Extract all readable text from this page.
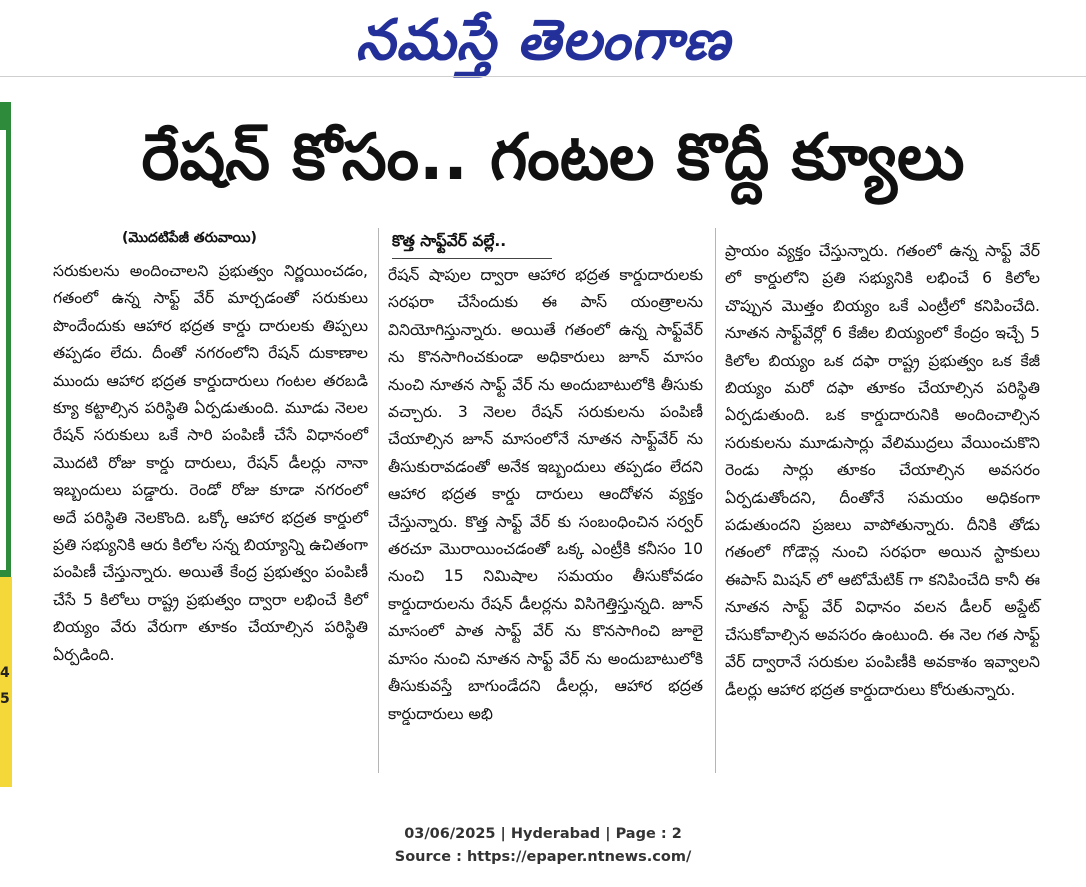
నమస్తే తెలంగాణ
4
5
రేషన్ కోసం.. గంటల కొద్దీ క్యూలు
(మొదటిపేజీ తరువాయి)	కొత్త సాఫ్ట్‌వేర్ వల్లే..

సరుకులను అందించాలని ప్రభుత్వం నిర్ణయించడం, గతంలో ఉన్న సాఫ్ట్ వేర్ మార్చడంతో సరుకులు పొందేందుకు ఆహార భద్రత కార్డు దారులకు తిప్పలు తప్పడం లేదు. దీంతో నగరంలోని రేషన్ దుకాణాల ముందు ఆహార భద్రత కార్డుదారులు గంటల తరబడి క్యూ కట్టాల్సిన పరిస్థితి ఏర్పడుతుంది. మూడు నెలల రేషన్ సరుకులు ఒకే సారి పంపిణీ చేసే విధానంలో మొదటి రోజు కార్డు దారులు, రేషన్ డీలర్లు నానా ఇబ్బందులు పడ్డారు. రెండో రోజు కూడా నగరంలో అదే పరిస్థితి నెలకొంది. ఒక్కో ఆహార భద్రత కార్డులో ప్రతి సభ్యునికి ఆరు కిలోల సన్న బియ్యాన్ని ఉచితంగా పంపిణీ చేస్తున్నారు. అయితే కేంద్ర ప్రభుత్వం పంపిణీ చేసే 5 కిలోలు రాష్ట్ర ప్రభుత్వం ద్వారా లభించే కిలో బియ్యం వేరు వేరుగా తూకం చేయాల్సిన పరిస్థితి ఏర్పడింది.

రేషన్ షాపుల ద్వారా ఆహార భద్రత కార్డుదారులకు సరఫరా చేసేందుకు ఈ పాస్ యంత్రాలను వినియోగిస్తున్నారు. అయితే గతంలో ఉన్న సాఫ్ట్‌వేర్ ను కొనసాగించకుండా అధికారులు జూన్ మాసం నుంచి నూతన సాఫ్ట్ వేర్ ను అందుబాటులోకి తీసుకు వచ్చారు. 3 నెలల రేషన్ సరుకులను పంపిణీ చేయాల్సిన జూన్ మాసంలోనే నూతన సాఫ్ట్‌వేర్ ను తీసుకురావడంతో అనేక ఇబ్బందులు తప్పడం లేదని ఆహార భద్రత కార్డు దారులు ఆందోళన వ్యక్తం చేస్తున్నారు. కొత్త సాఫ్ట్ వేర్ కు సంబంధించిన సర్వర్ తరచూ మొరాయించడంతో ఒక్క ఎంట్రీకి కనీసం 10 నుంచి 15 నిమిషాల సమయం తీసుకోవడం కార్డుదారులను రేషన్ డీలర్లను విసిగెత్తిస్తున్నది. జూన్ మాసంలో పాత సాఫ్ట్ వేర్ ను కొనసాగించి జూలై మాసం నుంచి నూతన సాఫ్ట్ వేర్ ను అందుబాటులోకి తీసుకువస్తే బాగుండేదని డీలర్లు, ఆహార భద్రత కార్డుదారులు అభి

ప్రాయం వ్యక్తం చేస్తున్నారు. గతంలో ఉన్న సాఫ్ట్ వేర్ లో కార్డులోని ప్రతి సభ్యునికి లభించే 6 కిలోల చొప్పున మొత్తం బియ్యం ఒకే ఎంట్రీలో కనిపించేది. నూతన సాఫ్ట్‌వేర్లో 6 కేజీల బియ్యంలో కేంద్రం ఇచ్చే 5 కిలోల బియ్యం ఒక దఫా రాష్ట్ర ప్రభుత్వం ఒక కేజీ బియ్యం మరో దఫా తూకం చేయాల్సిన పరిస్థితి ఏర్పడుతుంది. ఒక కార్డుదారునికి అందించాల్సిన సరుకులను మూడుసార్లు వేలిముద్రలు వేయించుకొని రెండు సార్లు తూకం చేయాల్సిన అవసరం ఏర్పడుతోందని, దీంతోనే సమయం అధికంగా పడుతుందని ప్రజలు వాపోతున్నారు. దీనికి తోడు గతంలో గోడౌన్ల నుంచి సరఫరా అయిన స్టాకులు ఈపాస్ మిషన్ లో ఆటోమేటిక్ గా కనిపించేది కానీ ఈ నూతన సాఫ్ట్ వేర్ విధానం వలన డీలర్ అప్డేట్ చేసుకోవాల్సిన అవసరం ఉంటుంది. ఈ నెల గత సాఫ్ట్ వేర్ ద్వారానే సరుకుల పంపిణీకి అవకాశం ఇవ్వాలని డీలర్లు ఆహార భద్రత కార్డుదారులు కోరుతున్నారు.

03/06/2025 | Hyderabad | Page : 2
Source : https://epaper.ntnews.com/
